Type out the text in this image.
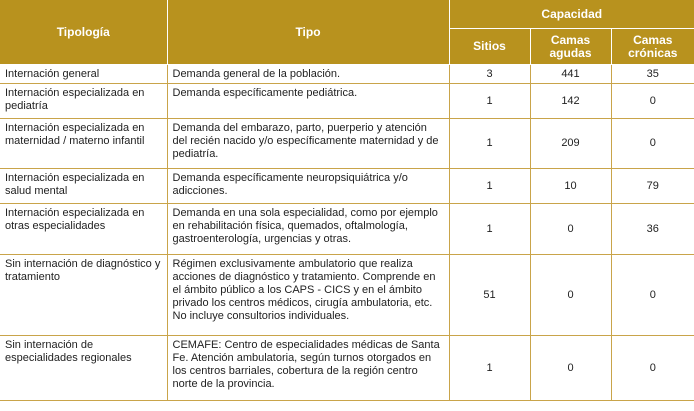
Tipología	Tipo	Capacidad		
		Sitios	Camas agudas	Camas crónicas
Internación general	Demanda general de la población.	3	441	35
Internación especializada en pediatría	Demanda específicamente pediátrica.	1	142	0
Internación especializada en maternidad / materno infantil	Demanda del embarazo, parto, puerperio y atención del recién nacido y/o específicamente maternidad y de pediatría.	1	209	0
Internación especializada en salud mental	Demanda específicamente neuropsiquiátrica y/o adicciones.	1	10	79
Internación especializada en otras especialidades	Demanda en una sola especialidad, como por ejemplo en rehabilitación física, quemados, oftalmología, gastroenterología, urgencias y otras.	1	0	36
Sin internación de diagnóstico y tratamiento	Régimen exclusivamente ambulatorio que realiza acciones de diagnóstico y tratamiento. Comprende en el ámbito público a los CAPS - CICS y en el ámbito privado los centros médicos, cirugía ambulatoria, etc. No incluye consultorios individuales.	51	0	0
Sin internación de especialidades regionales	CEMAFE: Centro de especialidades médicas de Santa Fe. Atención ambulatoria, según turnos otorgados en los centros barriales, cobertura de la región centro norte de la provincia.	1	0	0
